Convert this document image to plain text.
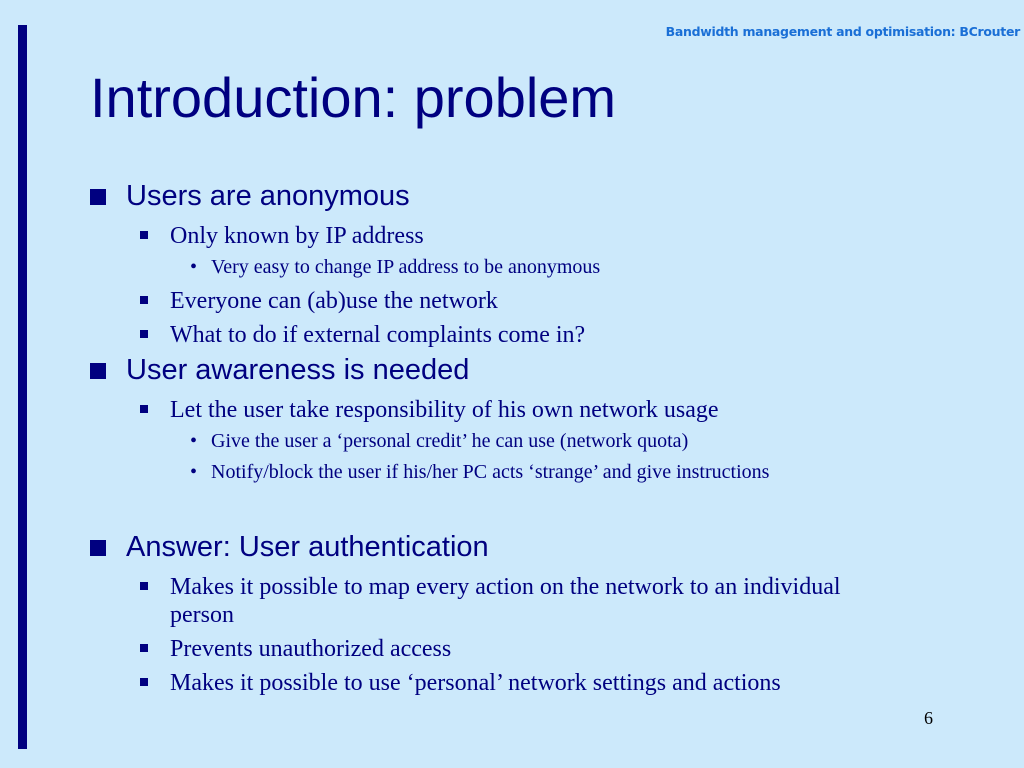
Bandwidth management and optimisation: BCrouter
Introduction: problem
Users are anonymous
Only known by IP address
• Very easy to change IP address to be anonymous
Everyone can (ab)use the network
What to do if external complaints come in?
User awareness is needed
Let the user take responsibility of his own network usage
• Give the user a ‘personal credit’ he can use (network quota)
• Notify/block the user if his/her PC acts ‘strange’ and give instructions
Answer: User authentication
Makes it possible to map every action on the network to an individual person
Prevents unauthorized access
Makes it possible to use ‘personal’ network settings and actions
6
